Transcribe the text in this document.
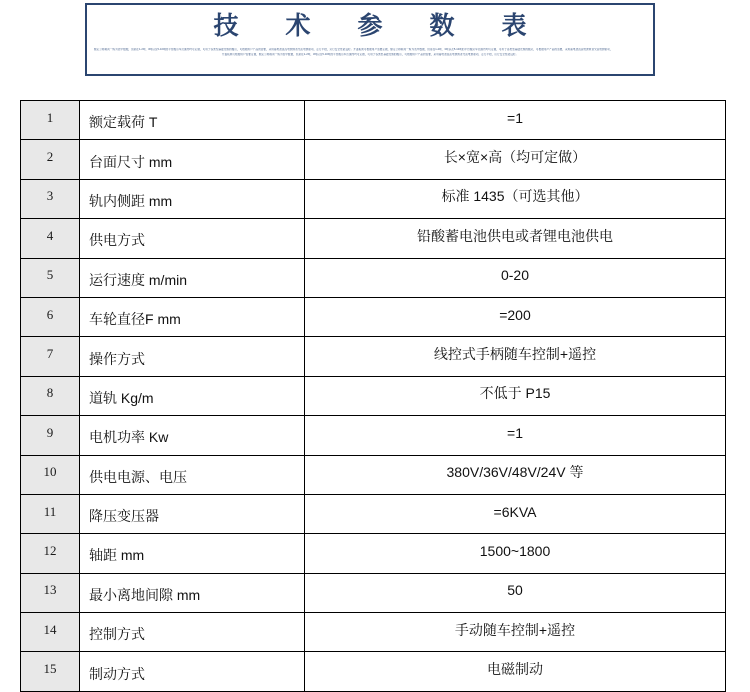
技　术　参　数　表
额定公称载荷一般为表中数据，但是在1-2吨、3吨以及5-10吨的平台搬运车范围内均可定做，可用于各类型基础设施的搬运，可根据用户产品的需要，采用蓄电池直流电源或者交流电源驱动，走行平稳，运行安全性能良好。开盖板或可根据用户需要定做，额定公称载荷一般为表中数据，但是在1-2吨、3吨以及5-10吨的平台搬运车范围内均可定做，可用于各类型基础设施的搬运，可根据用户产品的需要，采用蓄电池直流电源或者交流电源驱动，
开盖板或可根据用户需要定做，额定公称载荷一般为表中数据，但是在1-2吨、3吨以及5-10吨的平台搬运车范围内均可定做，可用于各类型基础设施的搬运，可根据用户产品的需要，采用蓄电池直流电源或者交流电源驱动，走行平稳，运行安全性能良好。
1	额定载荷 T	=1
2	台面尺寸 mm	长×宽×高（均可定做）
3	轨内侧距 mm	标准 1435（可选其他）
4	供电方式	铅酸蓄电池供电或者锂电池供电
5	运行速度 m/min	0-20
6	车轮直径F mm	=200
7	操作方式	线控式手柄随车控制+遥控
8	道轨 Kg/m	不低于 P15
9	电机功率 Kw	=1
10	供电电源、电压	380V/36V/48V/24V 等
11	降压变压器	=6KVA
12	轴距 mm	1500~1800
13	最小离地间隙 mm	50
14	控制方式	手动随车控制+遥控
15	制动方式	电磁制动
